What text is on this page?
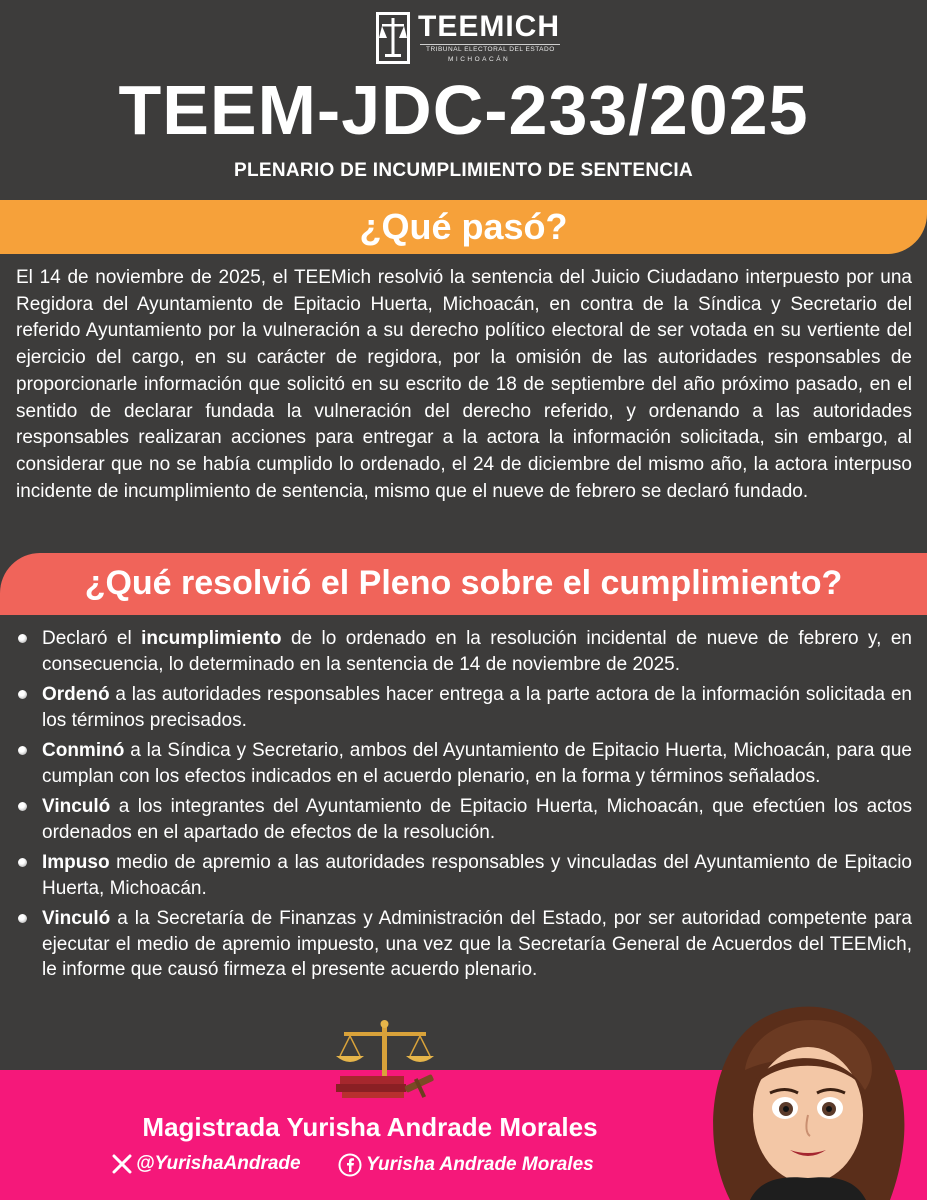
TEEMICH
TRIBUNAL ELECTORAL DEL ESTADO
MICHOACÁN
TEEM-JDC-233/2025
PLENARIO DE INCUMPLIMIENTO DE SENTENCIA
¿Qué pasó?
El 14 de noviembre de 2025, el TEEMich resolvió la sentencia del Juicio Ciudadano interpuesto por una Regidora del Ayuntamiento de Epitacio Huerta, Michoacán, en contra de la Síndica y Secretario del referido Ayuntamiento por la vulneración a su derecho político electoral de ser votada en su vertiente del ejercicio del cargo, en su carácter de regidora, por la omisión de las autoridades responsables de proporcionarle información que solicitó en su escrito de 18 de septiembre del año próximo pasado, en el sentido de declarar fundada la vulneración del derecho referido, y ordenando a las autoridades responsables realizaran acciones para entregar a la actora la información solicitada, sin embargo, al considerar que no se había cumplido lo ordenado, el 24 de diciembre del mismo año, la actora interpuso incidente de incumplimiento de sentencia, mismo que el nueve de febrero se declaró fundado.
¿Qué resolvió el Pleno sobre el cumplimiento?
Declaró el incumplimiento de lo ordenado en la resolución incidental de nueve de febrero y, en consecuencia, lo determinado en la sentencia de 14 de noviembre de 2025.
Ordenó a las autoridades responsables hacer entrega a la parte actora de la información solicitada en los términos precisados.
Conminó a la Síndica y Secretario, ambos del Ayuntamiento de Epitacio Huerta, Michoacán, para que cumplan con los efectos indicados en el acuerdo plenario, en la forma y términos señalados.
Vinculó a los integrantes del Ayuntamiento de Epitacio Huerta, Michoacán, que efectúen los actos ordenados en el apartado de efectos de la resolución.
Impuso medio de apremio a las autoridades responsables y vinculadas del Ayuntamiento de Epitacio Huerta, Michoacán.
Vinculó a la Secretaría de Finanzas y Administración del Estado, por ser autoridad competente para ejecutar el medio de apremio impuesto, una vez que la Secretaría General de Acuerdos del TEEMich, le informe que causó firmeza el presente acuerdo plenario.
Magistrada Yurisha Andrade Morales
@YurishaAndrade	Yurisha Andrade Morales
